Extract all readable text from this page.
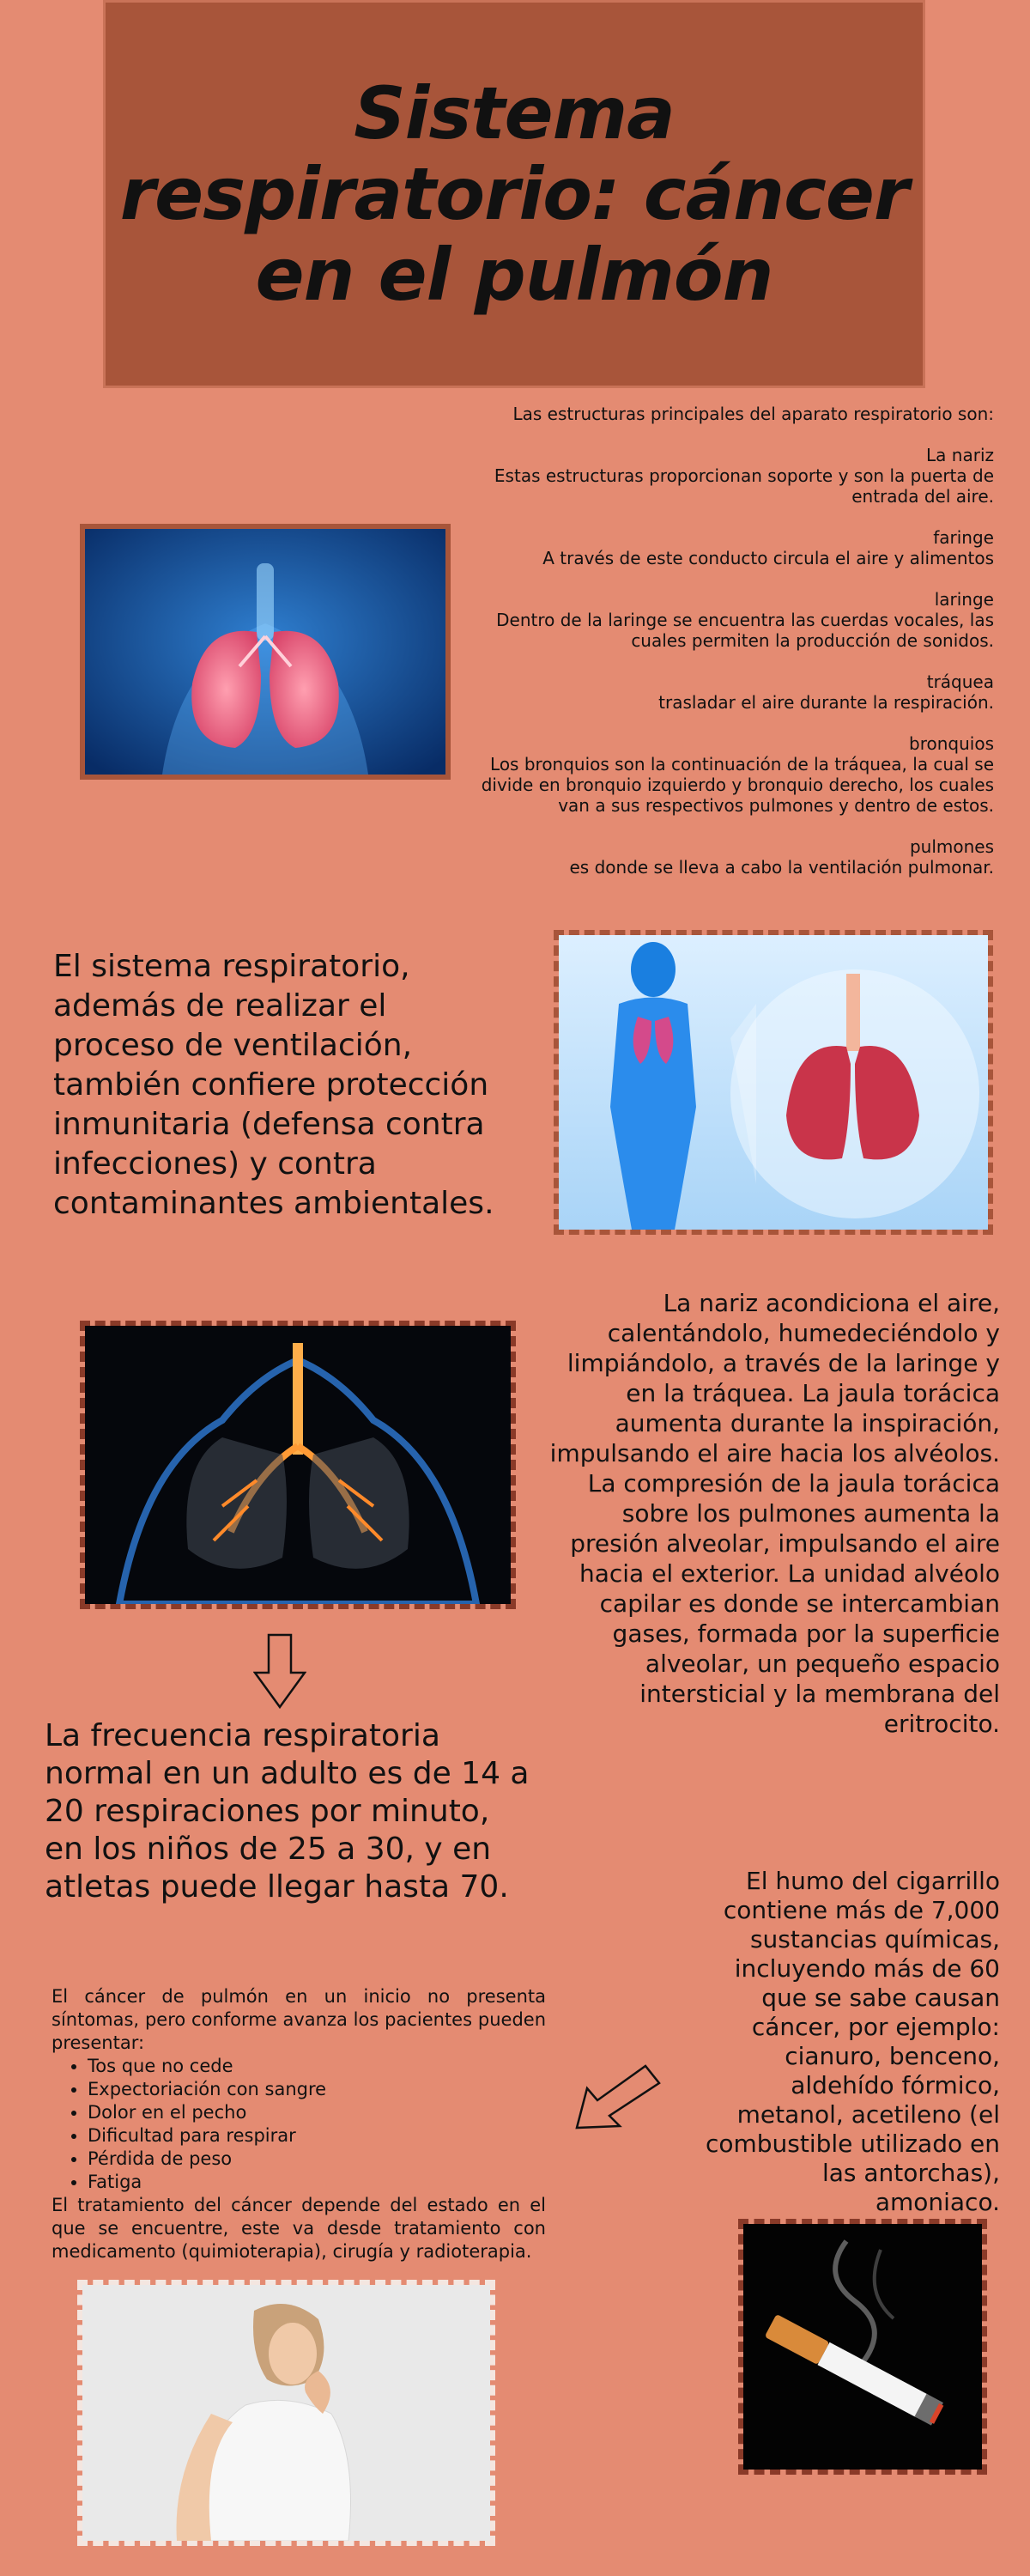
Sistema respiratorio: cáncer en el pulmón

Las estructuras principales del aparato respiratorio son:

La nariz

Estas estructuras proporcionan soporte y son la puerta de entrada del aire.

faringe

A través de este conducto circula el aire y alimentos

laringe

Dentro de la laringe se encuentra las cuerdas vocales, las cuales permiten la producción de sonidos.

tráquea

trasladar el aire durante la respiración.

bronquios

Los bronquios son la continuación de la tráquea, la cual se divide en bronquio izquierdo y bronquio derecho, los cuales van a sus respectivos pulmones y dentro de estos.

pulmones

es donde se lleva a cabo la ventilación pulmonar.

El sistema respiratorio, además de realizar el proceso de ventilación, también confiere protección inmunitaria (defensa contra infecciones) y contra contaminantes ambientales.

La nariz acondiciona el aire, calentándolo, humedeciéndolo y limpiándolo, a través de la laringe y en la tráquea. La jaula torácica aumenta durante la inspiración, impulsando el aire hacia los alvéolos. La compresión de la jaula torácica sobre los pulmones aumenta la presión alveolar, impulsando el aire hacia el exterior. La unidad alvéolo capilar es donde se intercambian gases, formada por la superficie alveolar, un pequeño espacio intersticial y la membrana del eritrocito.

La frecuencia respiratoria normal en un adulto es de 14 a 20 respiraciones por minuto, en los niños de 25 a 30, y en atletas puede llegar hasta 70.	El humo del cigarrillo contiene más de 7,000 sustancias químicas, incluyendo más de 60 que se sabe causan cáncer, por ejemplo: cianuro, benceno, aldehído fórmico, metanol, acetileno (el combustible utilizado en las antorchas), amoniaco.

El cáncer de pulmón en un inicio no presenta síntomas, pero conforme avanza los pacientes pueden presentar:

• Tos que no cede
• Expectoriación con sangre
• Dolor en el pecho
• Dificultad para respirar
• Pérdida de peso
• Fatiga

El tratamiento del cáncer depende del estado en el que se encuentre, este va desde tratamiento con medicamento (quimioterapia), cirugía y radioterapia.
